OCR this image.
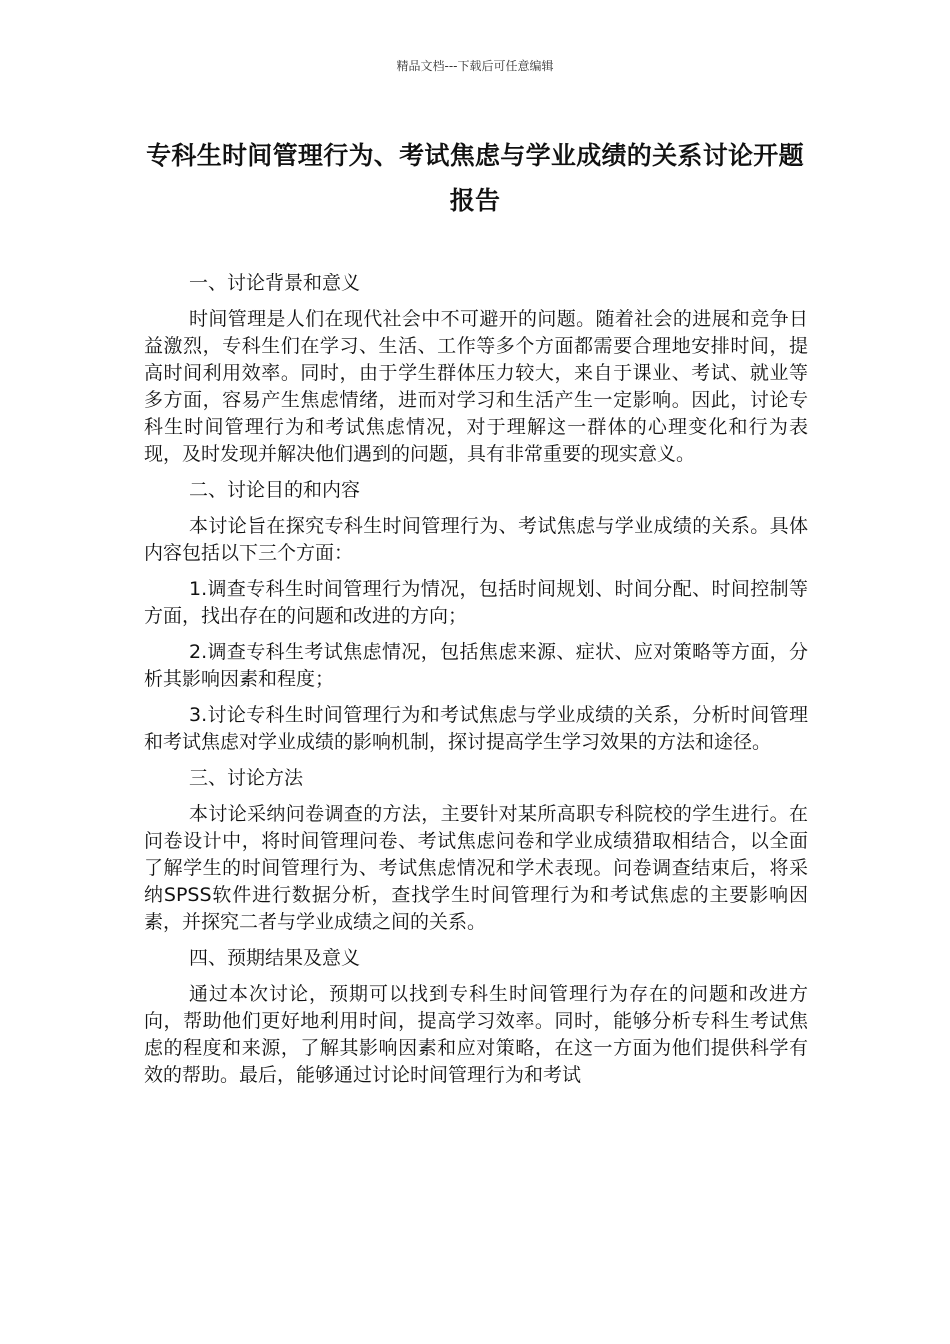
精品文档---下载后可任意编辑
专科生时间管理行为、考试焦虑与学业成绩的关系讨论开题报告
一、讨论背景和意义
时间管理是人们在现代社会中不可避开的问题。随着社会的进展和竞争日益激烈，专科生们在学习、生活、工作等多个方面都需要合理地安排时间，提高时间利用效率。同时，由于学生群体压力较大，来自于课业、考试、就业等多方面，容易产生焦虑情绪，进而对学习和生活产生一定影响。因此，讨论专科生时间管理行为和考试焦虑情况，对于理解这一群体的心理变化和行为表现，及时发现并解决他们遇到的问题，具有非常重要的现实意义。
二、讨论目的和内容
本讨论旨在探究专科生时间管理行为、考试焦虑与学业成绩的关系。具体内容包括以下三个方面：
1.调查专科生时间管理行为情况，包括时间规划、时间分配、时间控制等方面，找出存在的问题和改进的方向；
2.调查专科生考试焦虑情况，包括焦虑来源、症状、应对策略等方面，分析其影响因素和程度；
3.讨论专科生时间管理行为和考试焦虑与学业成绩的关系，分析时间管理和考试焦虑对学业成绩的影响机制，探讨提高学生学习效果的方法和途径。
三、讨论方法
本讨论采纳问卷调查的方法，主要针对某所高职专科院校的学生进行。在问卷设计中，将时间管理问卷、考试焦虑问卷和学业成绩猎取相结合，以全面了解学生的时间管理行为、考试焦虑情况和学术表现。问卷调查结束后，将采纳SPSS软件进行数据分析，查找学生时间管理行为和考试焦虑的主要影响因素，并探究二者与学业成绩之间的关系。
四、预期结果及意义
通过本次讨论，预期可以找到专科生时间管理行为存在的问题和改进方向，帮助他们更好地利用时间，提高学习效率。同时，能够分析专科生考试焦虑的程度和来源，了解其影响因素和应对策略，在这一方面为他们提供科学有效的帮助。最后，能够通过讨论时间管理行为和考试
